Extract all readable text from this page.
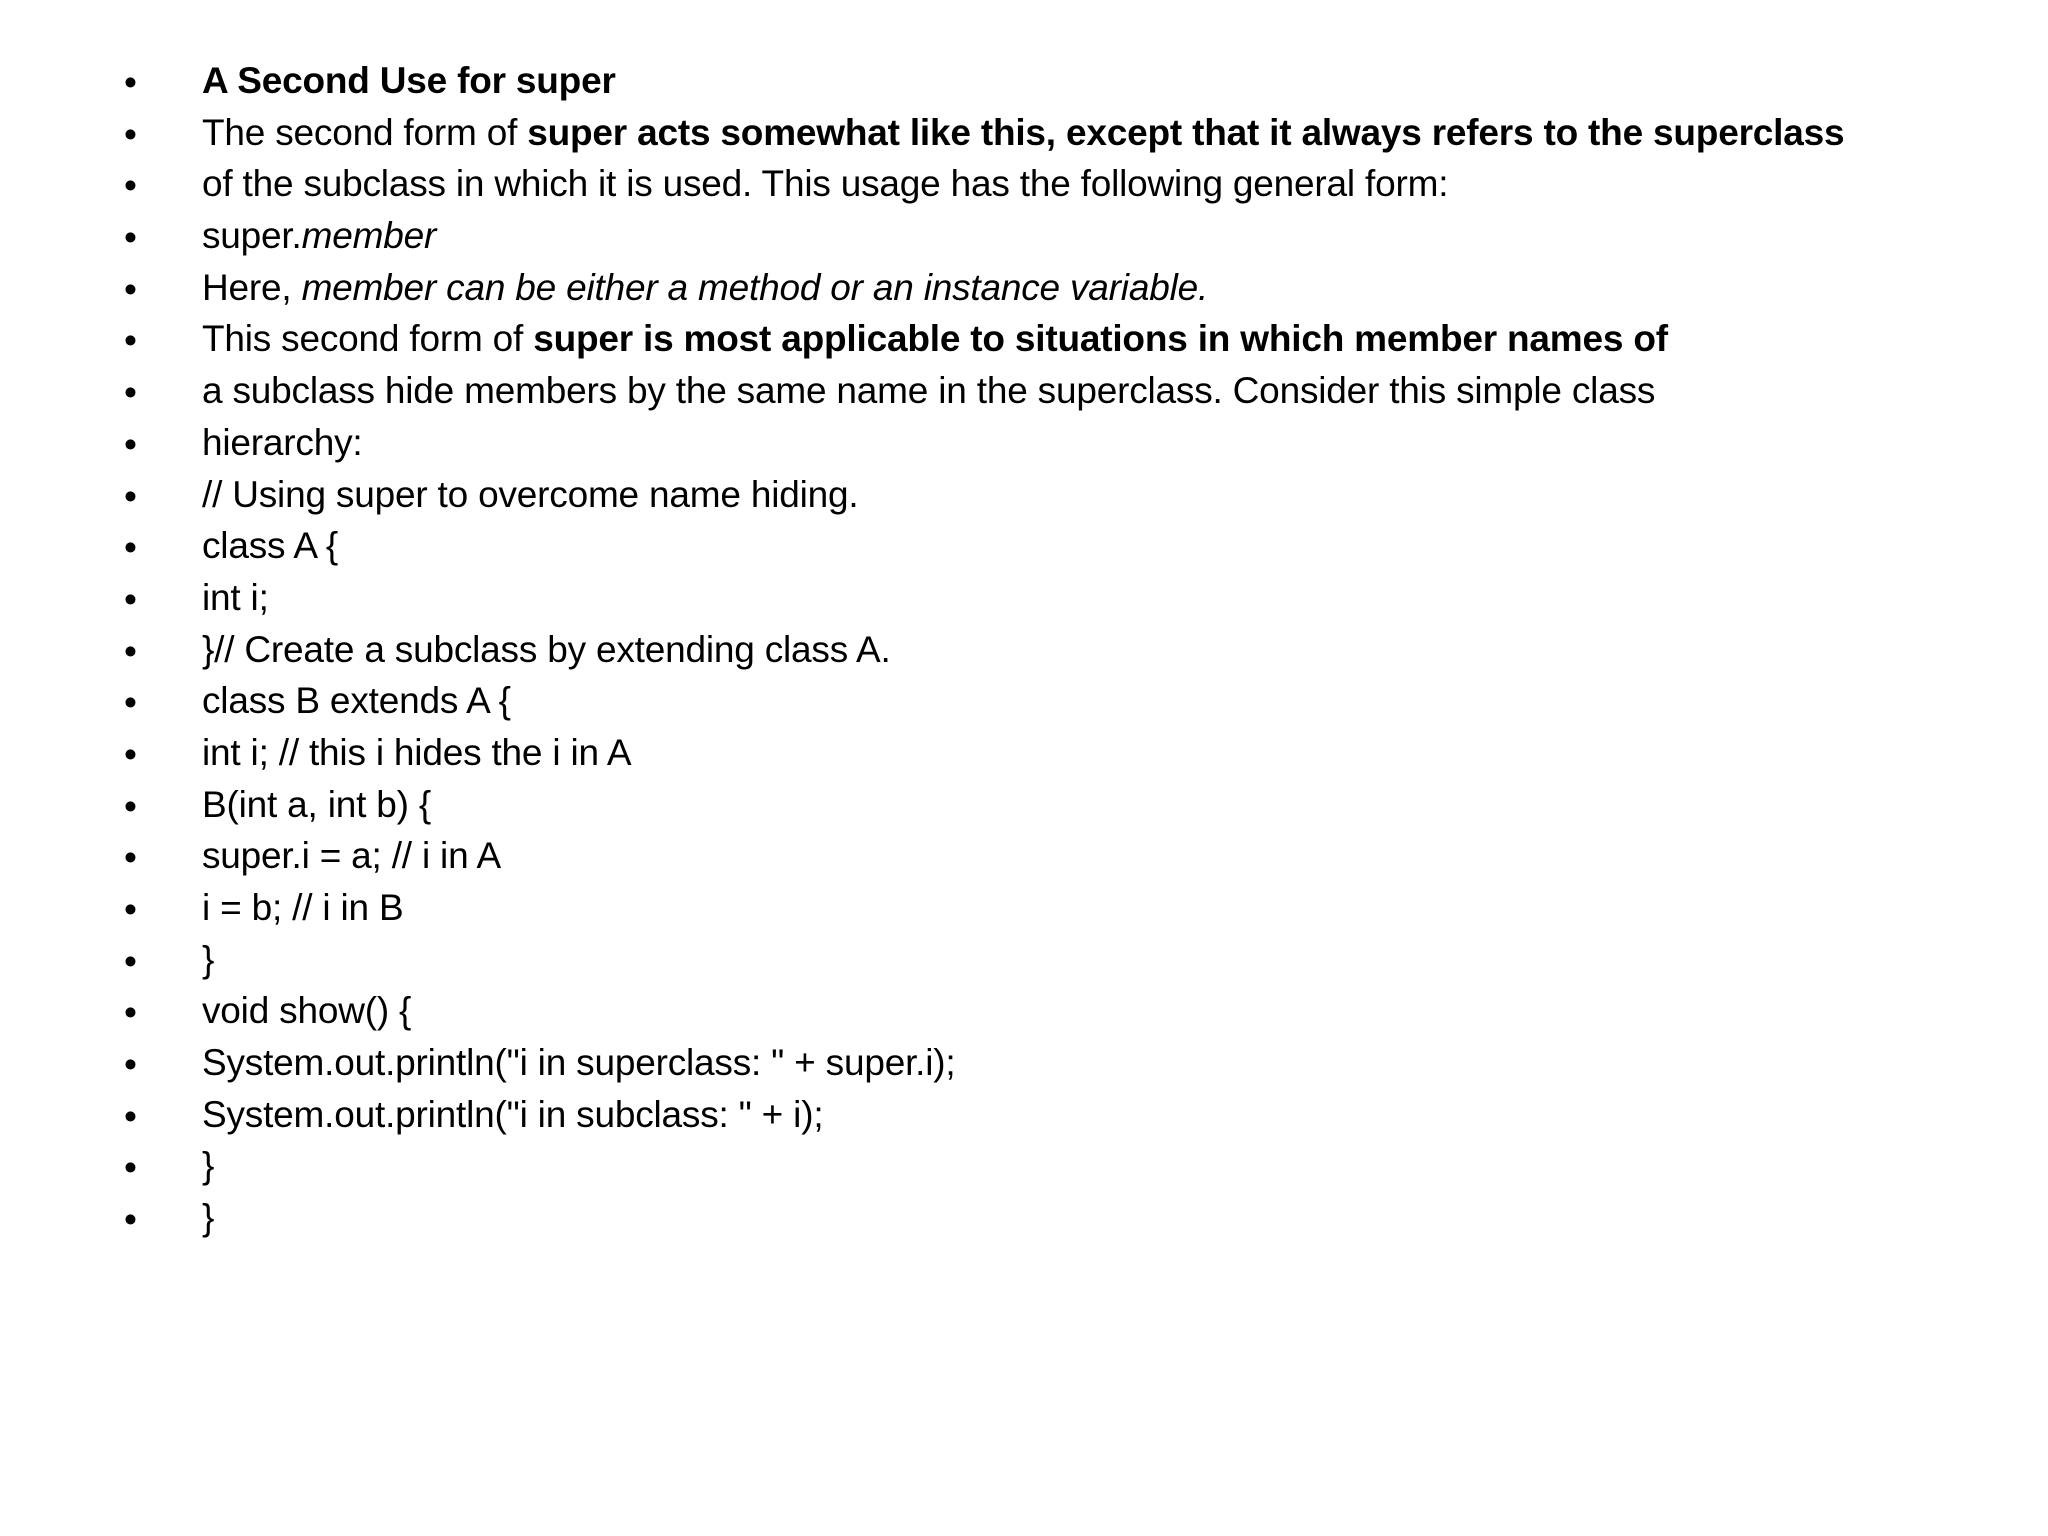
• A Second Use for super
• The second form of super acts somewhat like this, except that it always refers to the superclass
• of the subclass in which it is used. This usage has the following general form:
• super.member
• Here, member can be either a method or an instance variable.
• This second form of super is most applicable to situations in which member names of
• a subclass hide members by the same name in the superclass. Consider this simple class
• hierarchy:
• // Using super to overcome name hiding.
• class A {
• int i;
• }// Create a subclass by extending class A.
• class B extends A {
• int i; // this i hides the i in A
• B(int a, int b) {
• super.i = a; // i in A
• i = b; // i in B
• }
• void show() {
• System.out.println("i in superclass: " + super.i);
• System.out.println("i in subclass: " + i);
• }
• }
